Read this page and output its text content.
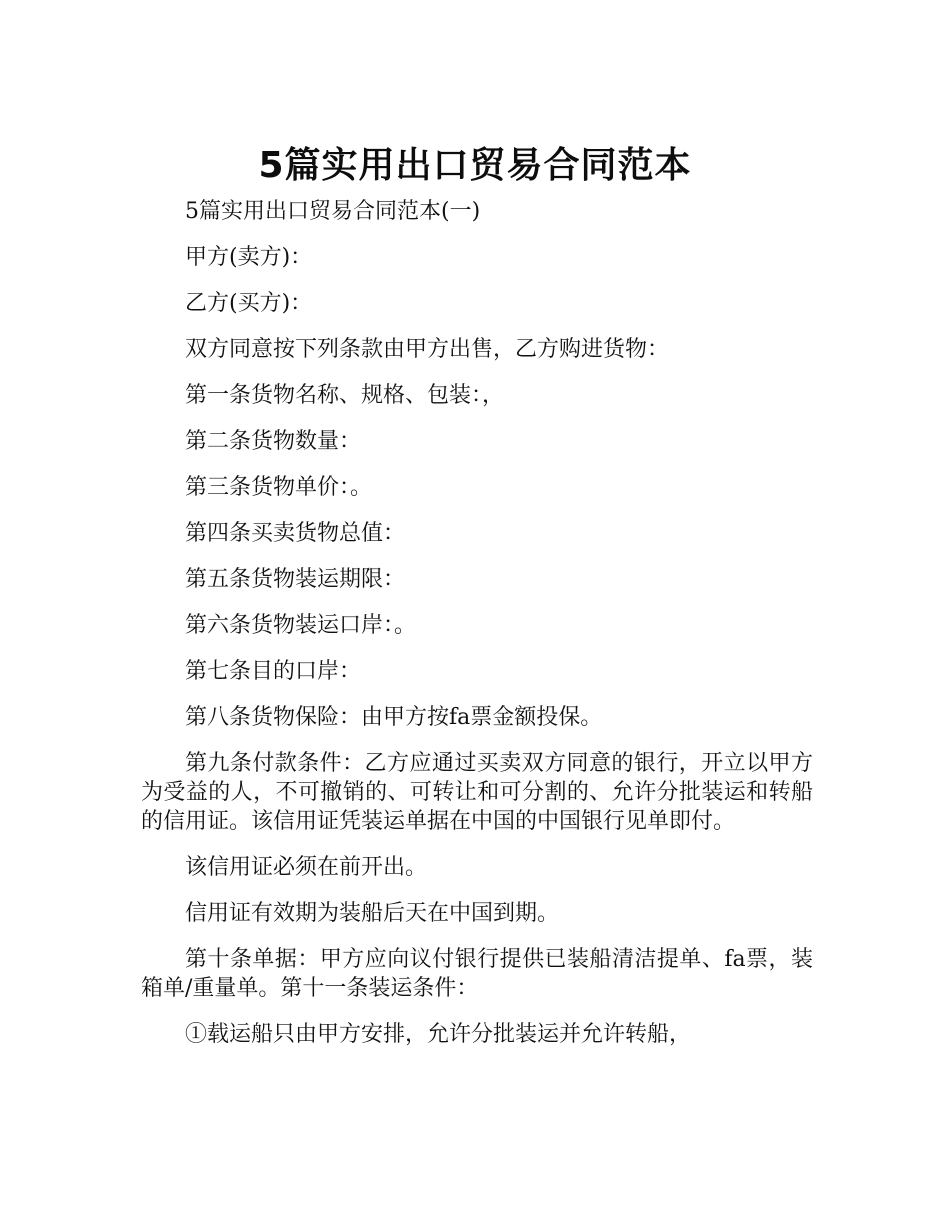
5篇实用出口贸易合同范本

5篇实用出口贸易合同范本(一)

甲方(卖方)：

乙方(买方)：

双方同意按下列条款由甲方出售，乙方购进货物：

第一条货物名称、规格、包装：，

第二条货物数量：

第三条货物单价：。

第四条买卖货物总值：

第五条货物装运期限：

第六条货物装运口岸：。

第七条目的口岸：

第八条货物保险：由甲方按fa票金额投保。

第九条付款条件：乙方应通过买卖双方同意的银行，开立以甲方为受益的人，不可撤销的、可转让和可分割的、允许分批装运和转船的信用证。该信用证凭装运单据在中国的中国银行见单即付。

该信用证必须在前开出。

信用证有效期为装船后天在中国到期。

第十条单据：甲方应向议付银行提供已装船清洁提单、fa票，装箱单/重量单。第十一条装运条件：

①载运船只由甲方安排，允许分批装运并允许转船，
